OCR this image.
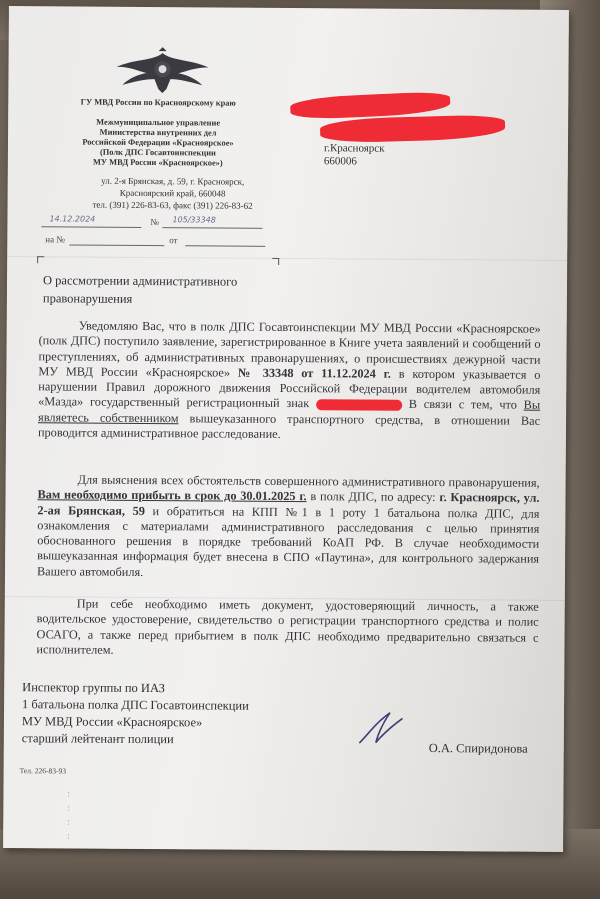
ГУ МВД России по Красноярскому краю
Межмуниципальное управление
Министерства внутренних дел
Российской Федерации «Красноярское»
(Полк ДПС Госавтоинспекции
МУ МВД России «Красноярское»)
ул. 2-я Брянская, д. 59, г. Красноярск,
Красноярский край, 660048
тел. (391) 226-83-63, факс (391) 226-83-62
14.12.2024	№ 105/33348
на №	от
г.Красноярск
660006
О рассмотрении административного правонарушения
Уведомляю Вас, что в полк ДПС Госавтоинспекции МУ МВД России «Красноярское» (полк ДПС) поступило заявление, зарегистрированное в Книге учета заявлений и сообщений о преступлениях, об административных правонарушениях, о происшествиях дежурной части МУ МВД России «Красноярское» № 33348 от 11.12.2024 г. в котором указывается о нарушении Правил дорожного движения Российской Федерации водителем автомобиля «Мазда» государственный регистрационный знак	В связи с тем, что Вы являетесь собственником вышеуказанного транспортного средства, в отношении Вас проводится административное расследование.
Для выяснения всех обстоятельств совершенного административного правонарушения, Вам необходимо прибыть в срок до 30.01.2025 г. в полк ДПС, по адресу: г. Красноярск, ул. 2-ая Брянская, 59 и обратиться на КПП №1 в 1 роту 1 батальона полка ДПС, для ознакомления с материалами административного расследования с целью принятия обоснованного решения в порядке требований КоАП РФ. В случае необходимости вышеуказанная информация будет внесена в СПО «Паутина», для контрольного задержания Вашего автомобиля.
При себе необходимо иметь документ, удостоверяющий личность, а также водительское удостоверение, свидетельство о регистрации транспортного средства и полис ОСАГО, а также перед прибытием в полк ДПС необходимо предварительно связаться с исполнителем.
Инспектор группы по ИАЗ
1 батальона полка ДПС Госавтоинспекции
МУ МВД России «Красноярское»
старший лейтенант полиции
О.А. Спиридонова
Тел. 226-83-93
:
:
:
:
